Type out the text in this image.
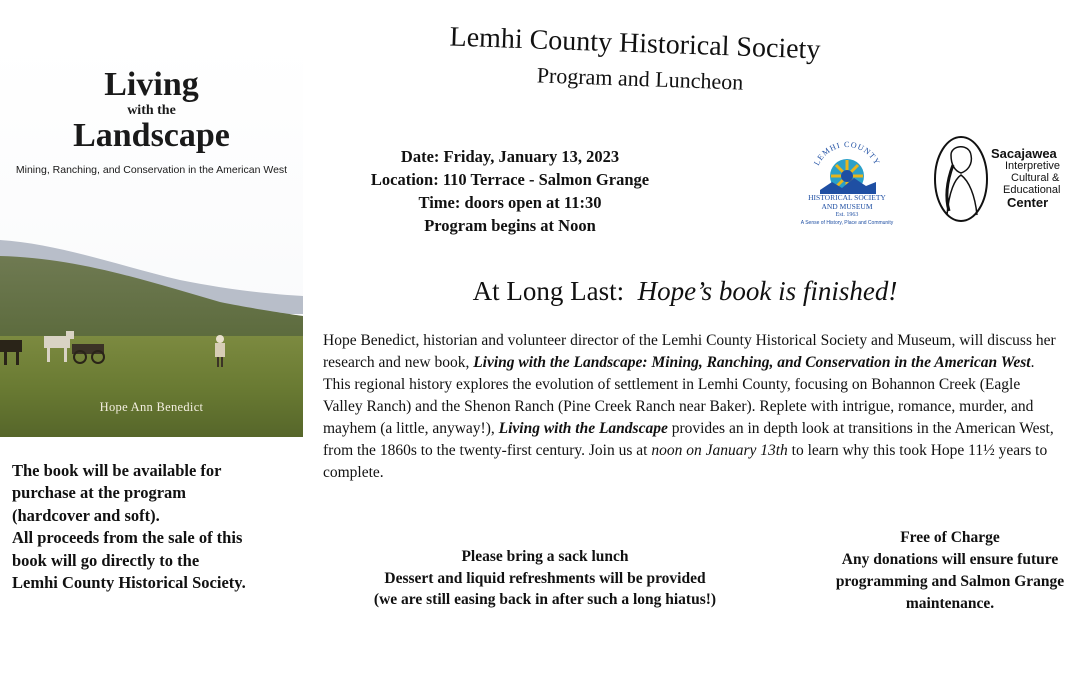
Living
with the
Landscape
Mining, Ranching, and Conservation in the American West
Hope Ann Benedict
Lemhi County Historical Society
Program and Luncheon
Date: Friday, January 13, 2023
Location: 110 Terrace - Salmon Grange
Time: doors open at 11:30
Program begins at Noon
LEMHI COUNTY
HISTORICAL SOCIETY
AND MUSEUM
Est. 1963
A Sense of History, Place and Community
Sacajawea
Interpretive
Cultural &
Educational
Center
At Long Last: Hope’s book is finished!
Hope Benedict, historian and volunteer director of the Lemhi County Historical Society and Museum, will discuss her research and new book, Living with the Landscape: Mining, Ranching, and Conservation in the American West. This regional history explores the evolution of settlement in Lemhi County, focusing on Bohannon Creek (Eagle Valley Ranch) and the Shenon Ranch (Pine Creek Ranch near Baker). Replete with intrigue, romance, murder, and mayhem (a little, anyway!), Living with the Landscape provides an in depth look at transitions in the American West, from the 1860s to the twenty-first century. Join us at noon on January 13th to learn why this took Hope 11½ years to complete.
The book will be available for
purchase at the program
(hardcover and soft).
All proceeds from the sale of this
book will go directly to the
Lemhi County Historical Society.
Please bring a sack lunch
Dessert and liquid refreshments will be provided
(we are still easing back in after such a long hiatus!)
Free of Charge
Any donations will ensure future
programming and Salmon Grange
maintenance.
